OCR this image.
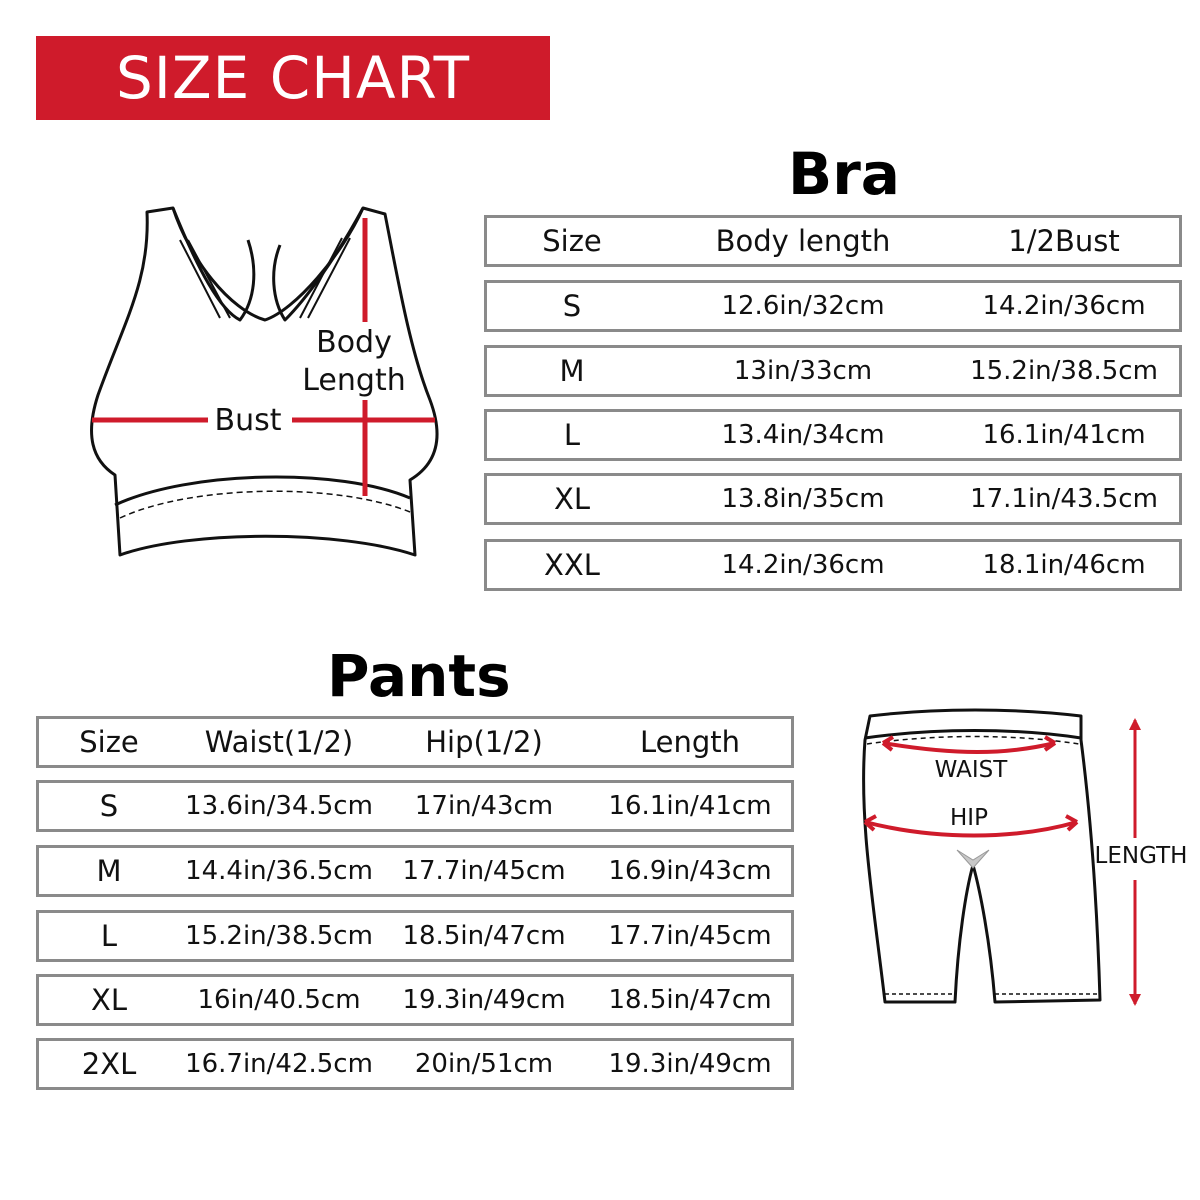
SIZE CHART
Bra
Size	Body length	1/2Bust
S	12.6in/32cm	14.2in/36cm
M	13in/33cm	15.2in/38.5cm
L	13.4in/34cm	16.1in/41cm
XL	13.8in/35cm	17.1in/43.5cm
XXL	14.2in/36cm	18.1in/46cm
Bust
Body
Length
Pants
Size	Waist(1/2)	Hip(1/2)	Length
S	13.6in/34.5cm	17in/43cm	16.1in/41cm
M	14.4in/36.5cm	17.7in/45cm	16.9in/43cm
L	15.2in/38.5cm	18.5in/47cm	17.7in/45cm
XL	16in/40.5cm	19.3in/49cm	18.5in/47cm
2XL	16.7in/42.5cm	20in/51cm	19.3in/49cm
WAIST
HIP
LENGTH
